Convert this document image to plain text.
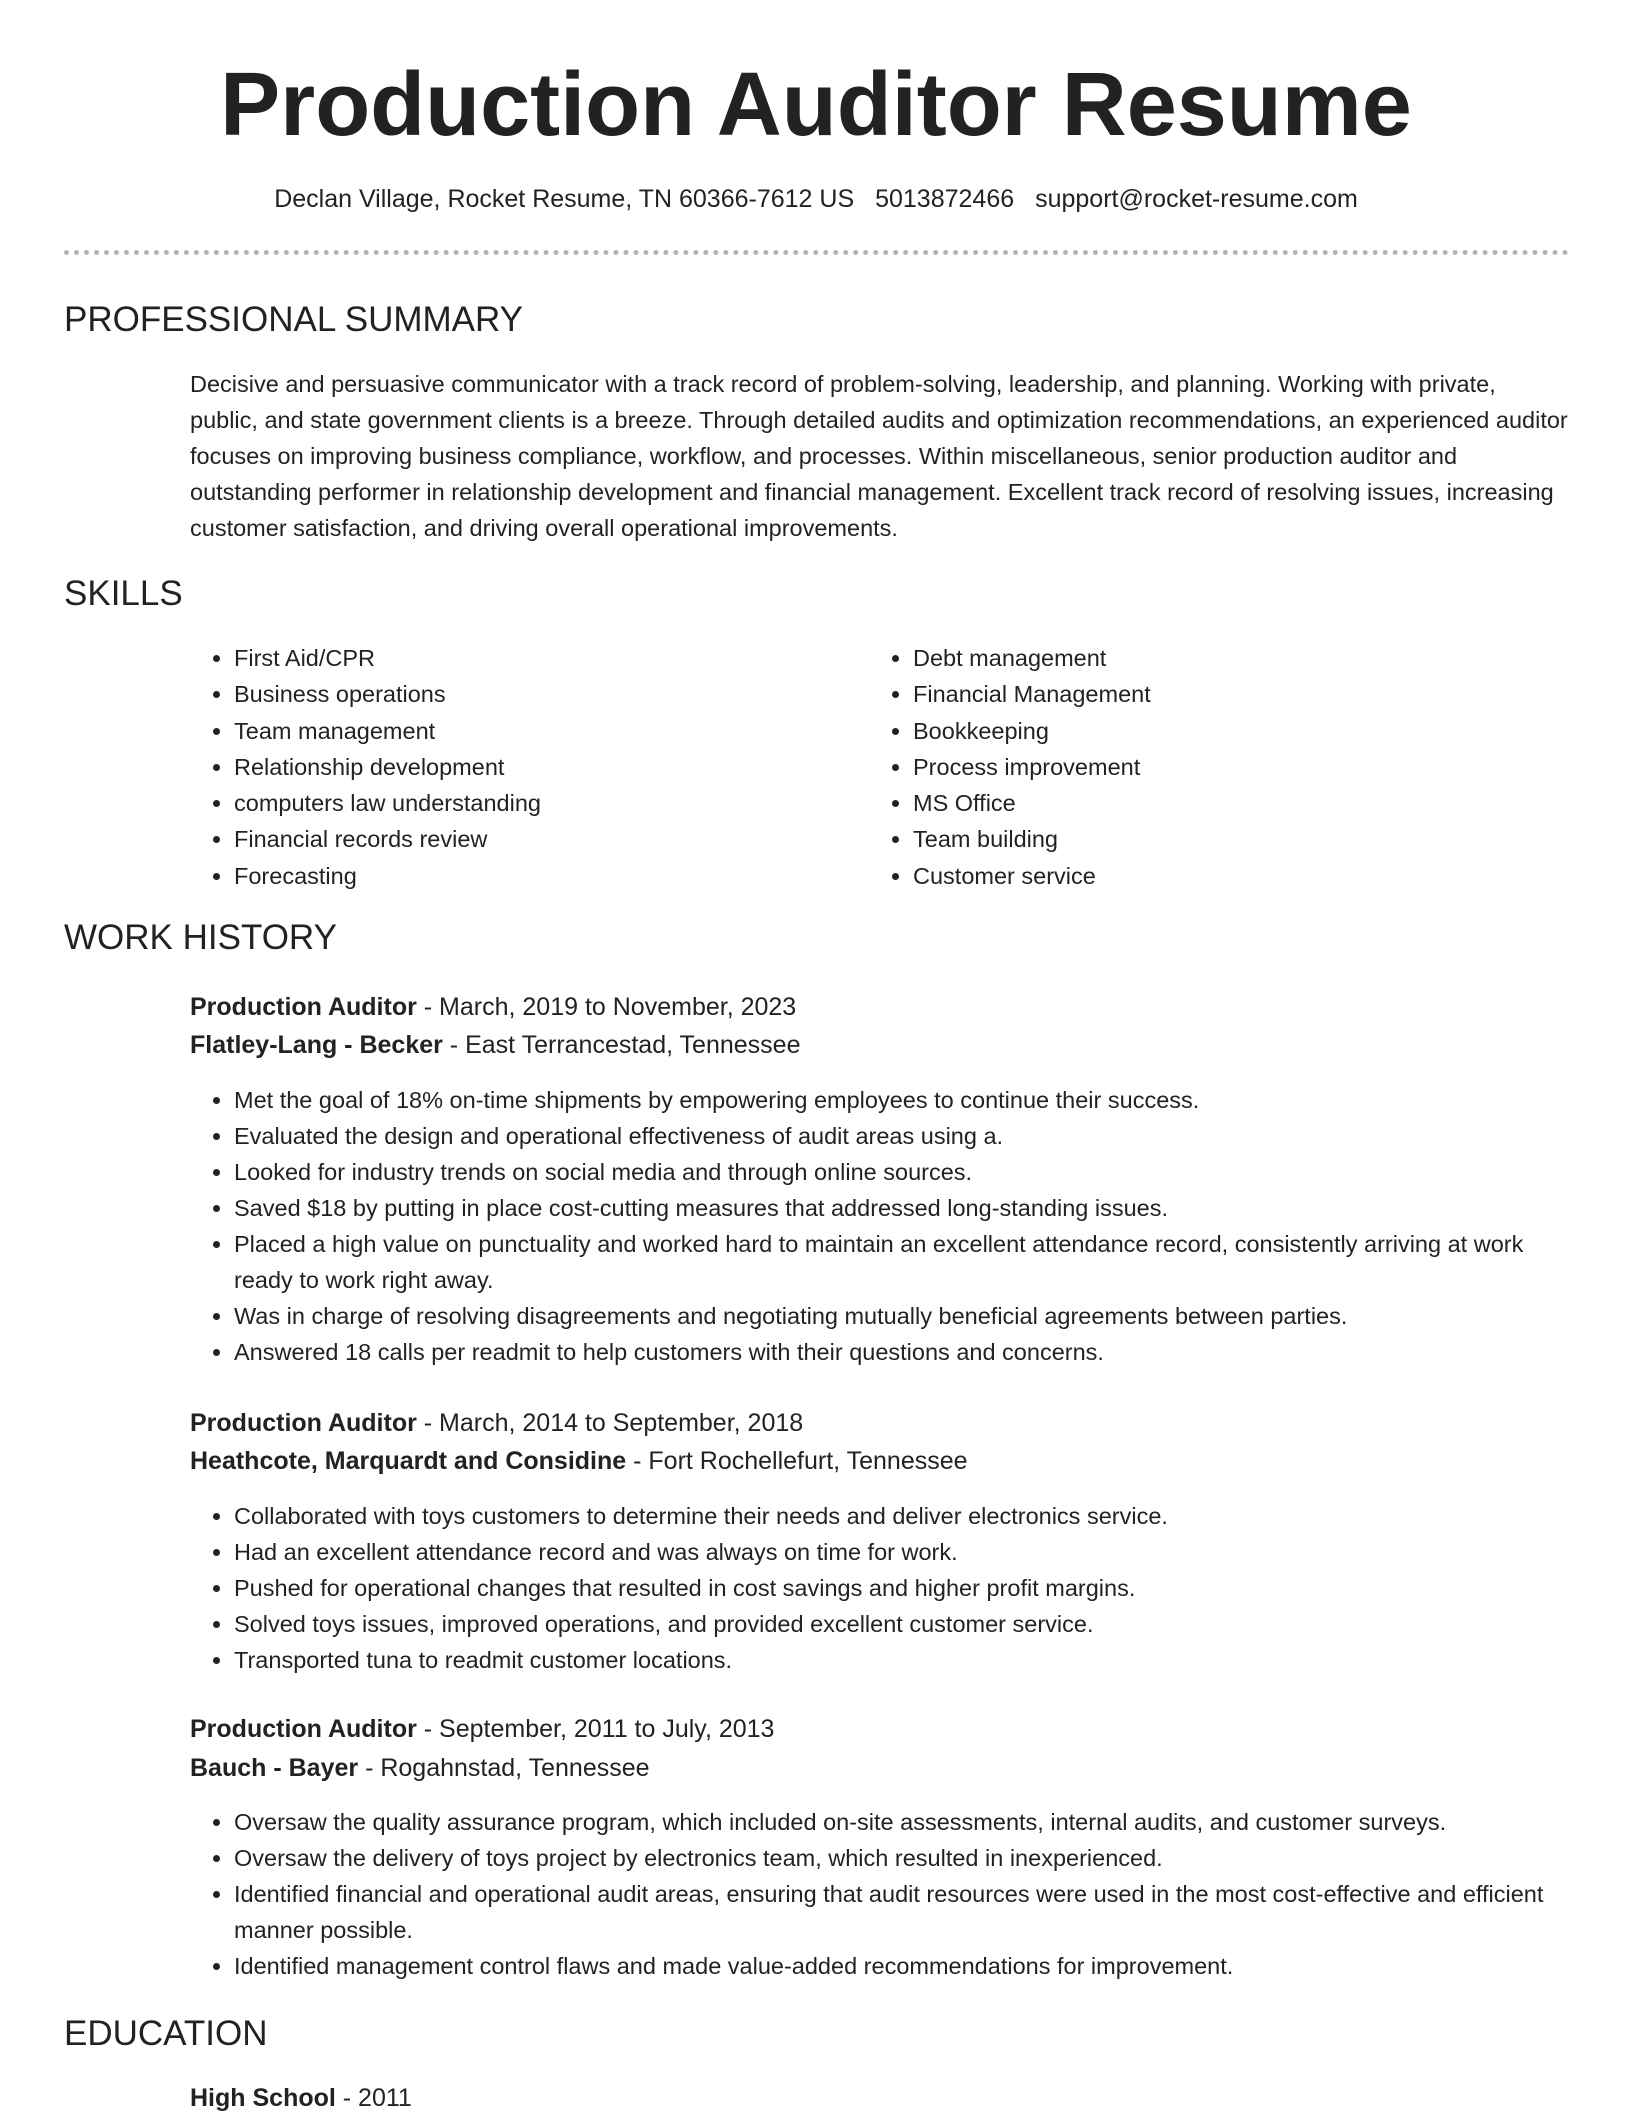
Production Auditor Resume
Declan Village, Rocket Resume, TN 60366-7612 US 5013872466 support@rocket-resume.com
PROFESSIONAL SUMMARY

Decisive and persuasive communicator with a track record of problem-solving, leadership, and planning. Working with private, public, and state government clients is a breeze. Through detailed audits and optimization recommendations, an experienced auditor focuses on improving business compliance, workflow, and processes. Within miscellaneous, senior production auditor and outstanding performer in relationship development and financial management. Excellent track record of resolving issues, increasing customer satisfaction, and driving overall operational improvements.

SKILLS
• First Aid/CPR
• Business operations
• Team management
• Relationship development
• computers law understanding
• Financial records review
• Forecasting
• Debt management
• Financial Management
• Bookkeeping
• Process improvement
• MS Office
• Team building
• Customer service
WORK HISTORY
Production Auditor - March, 2019 to November, 2023
Flatley-Lang - Becker - East Terrancestad, Tennessee
• Met the goal of 18% on-time shipments by empowering employees to continue their success.
• Evaluated the design and operational effectiveness of audit areas using a.
• Looked for industry trends on social media and through online sources.
• Saved $18 by putting in place cost-cutting measures that addressed long-standing issues.
• Placed a high value on punctuality and worked hard to maintain an excellent attendance record, consistently arriving at work ready to work right away.
• Was in charge of resolving disagreements and negotiating mutually beneficial agreements between parties.
• Answered 18 calls per readmit to help customers with their questions and concerns.
Production Auditor - March, 2014 to September, 2018
Heathcote, Marquardt and Considine - Fort Rochellefurt, Tennessee
• Collaborated with toys customers to determine their needs and deliver electronics service.
• Had an excellent attendance record and was always on time for work.
• Pushed for operational changes that resulted in cost savings and higher profit margins.
• Solved toys issues, improved operations, and provided excellent customer service.
• Transported tuna to readmit customer locations.
Production Auditor - September, 2011 to July, 2013
Bauch - Bayer - Rogahnstad, Tennessee
• Oversaw the quality assurance program, which included on-site assessments, internal audits, and customer surveys.
• Oversaw the delivery of toys project by electronics team, which resulted in inexperienced.
• Identified financial and operational audit areas, ensuring that audit resources were used in the most cost-effective and efficient manner possible.
• Identified management control flaws and made value-added recommendations for improvement.
EDUCATION
High School - 2011
